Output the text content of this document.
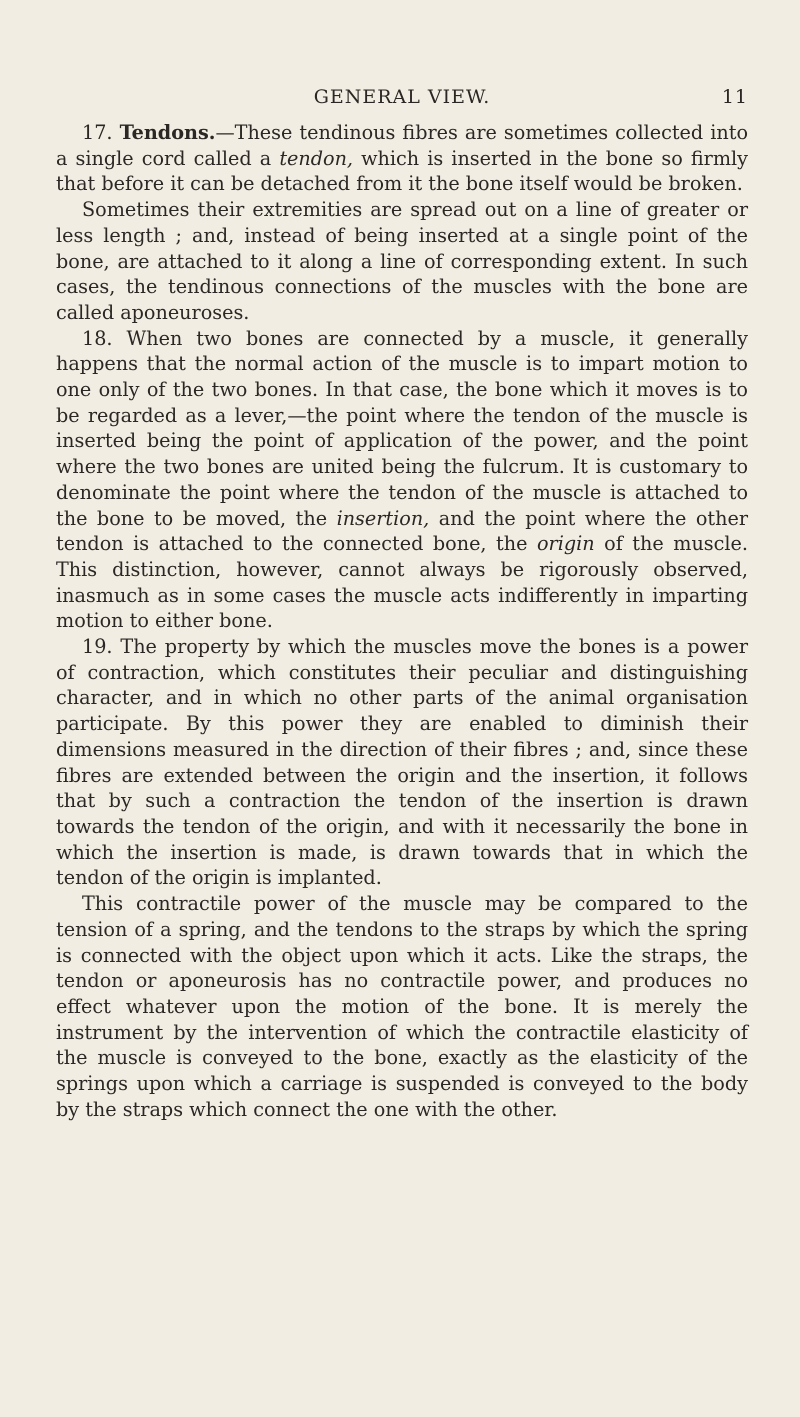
GENERAL VIEW.	11

17. Tendons.—These tendinous fibres are sometimes collected into a single cord called a tendon, which is inserted in the bone so firmly that before it can be detached from it the bone itself would be broken.

Sometimes their extremities are spread out on a line of greater or less length ; and, instead of being inserted at a single point of the bone, are attached to it along a line of corresponding extent. In such cases, the tendinous connections of the muscles with the bone are called aponeuroses.

18. When two bones are connected by a muscle, it generally happens that the normal action of the muscle is to impart motion to one only of the two bones. In that case, the bone which it moves is to be regarded as a lever,—the point where the tendon of the muscle is inserted being the point of application of the power, and the point where the two bones are united being the fulcrum. It is customary to denominate the point where the tendon of the muscle is attached to the bone to be moved, the insertion, and the point where the other tendon is attached to the connected bone, the origin of the muscle. This distinction, however, cannot always be rigorously observed, inasmuch as in some cases the muscle acts indifferently in imparting motion to either bone.

19. The property by which the muscles move the bones is a power of contraction, which constitutes their peculiar and distinguishing character, and in which no other parts of the animal organisation participate. By this power they are enabled to diminish their dimensions measured in the direction of their fibres ; and, since these fibres are extended between the origin and the insertion, it follows that by such a contraction the tendon of the insertion is drawn towards the tendon of the origin, and with it necessarily the bone in which the insertion is made, is drawn towards that in which the tendon of the origin is implanted.

This contractile power of the muscle may be compared to the tension of a spring, and the tendons to the straps by which the spring is connected with the object upon which it acts. Like the straps, the tendon or aponeurosis has no contractile power, and produces no effect whatever upon the motion of the bone. It is merely the instrument by the intervention of which the contractile elasticity of the muscle is conveyed to the bone, exactly as the elasticity of the springs upon which a carriage is suspended is conveyed to the body by the straps which connect the one with the other.
